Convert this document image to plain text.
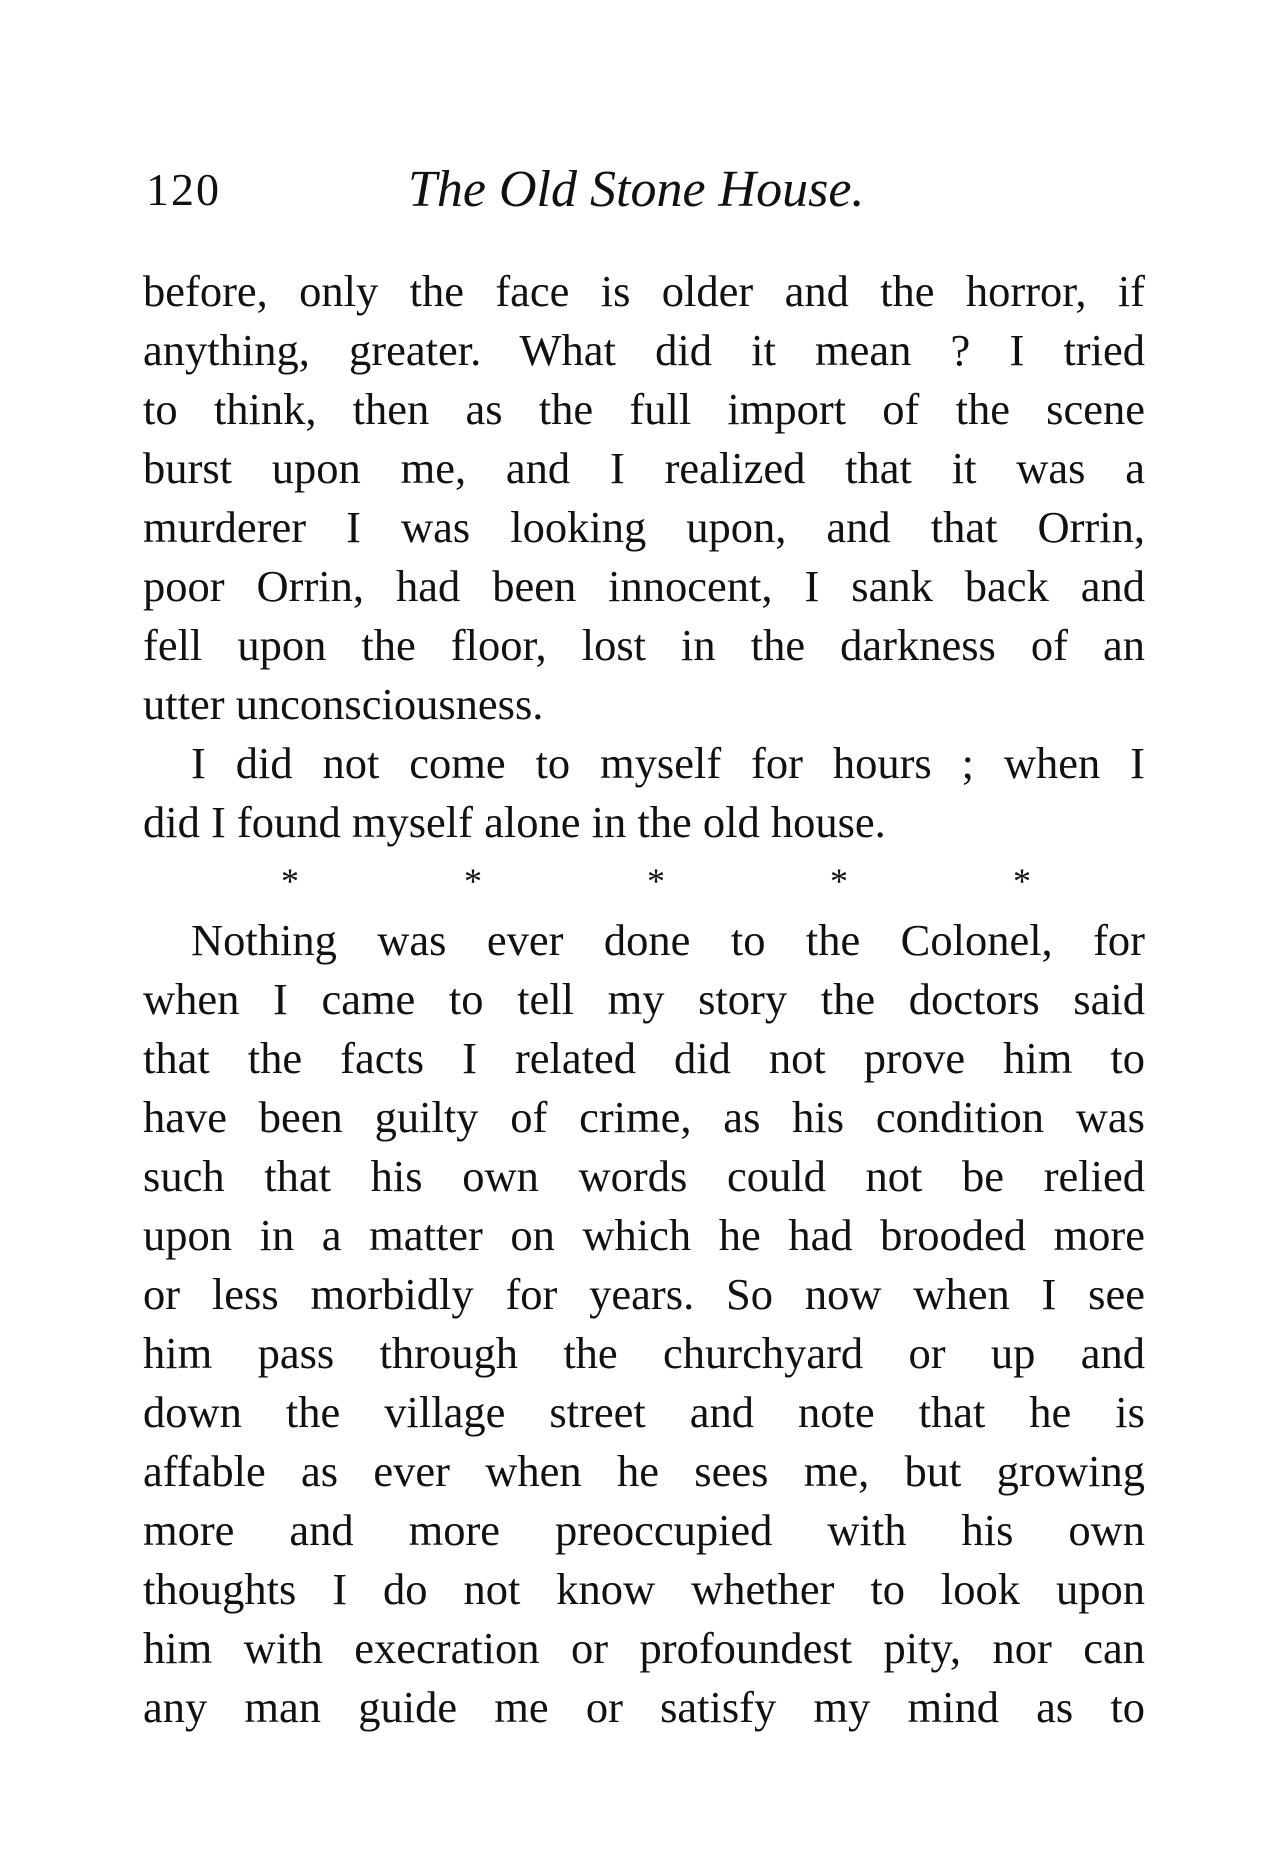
120	The Old Stone House.
before, only the face is older and the horror, if
anything, greater. What did it mean ? I tried
to think, then as the full import of the scene
burst upon me, and I realized that it was a
murderer I was looking upon, and that Orrin,
poor Orrin, had been innocent, I sank back and
fell upon the floor, lost in the darkness of an
utter unconsciousness.
I did not come to myself for hours ; when I
did I found myself alone in the old house.
*	*	*	*	*
Nothing was ever done to the Colonel, for
when I came to tell my story the doctors said
that the facts I related did not prove him to
have been guilty of crime, as his condition was
such that his own words could not be relied
upon in a matter on which he had brooded more
or less morbidly for years. So now when I see
him pass through the churchyard or up and
down the village street and note that he is
affable as ever when he sees me, but growing
more and more preoccupied with his own
thoughts I do not know whether to look upon
him with execration or profoundest pity, nor can
any man guide me or satisfy my mind as to
